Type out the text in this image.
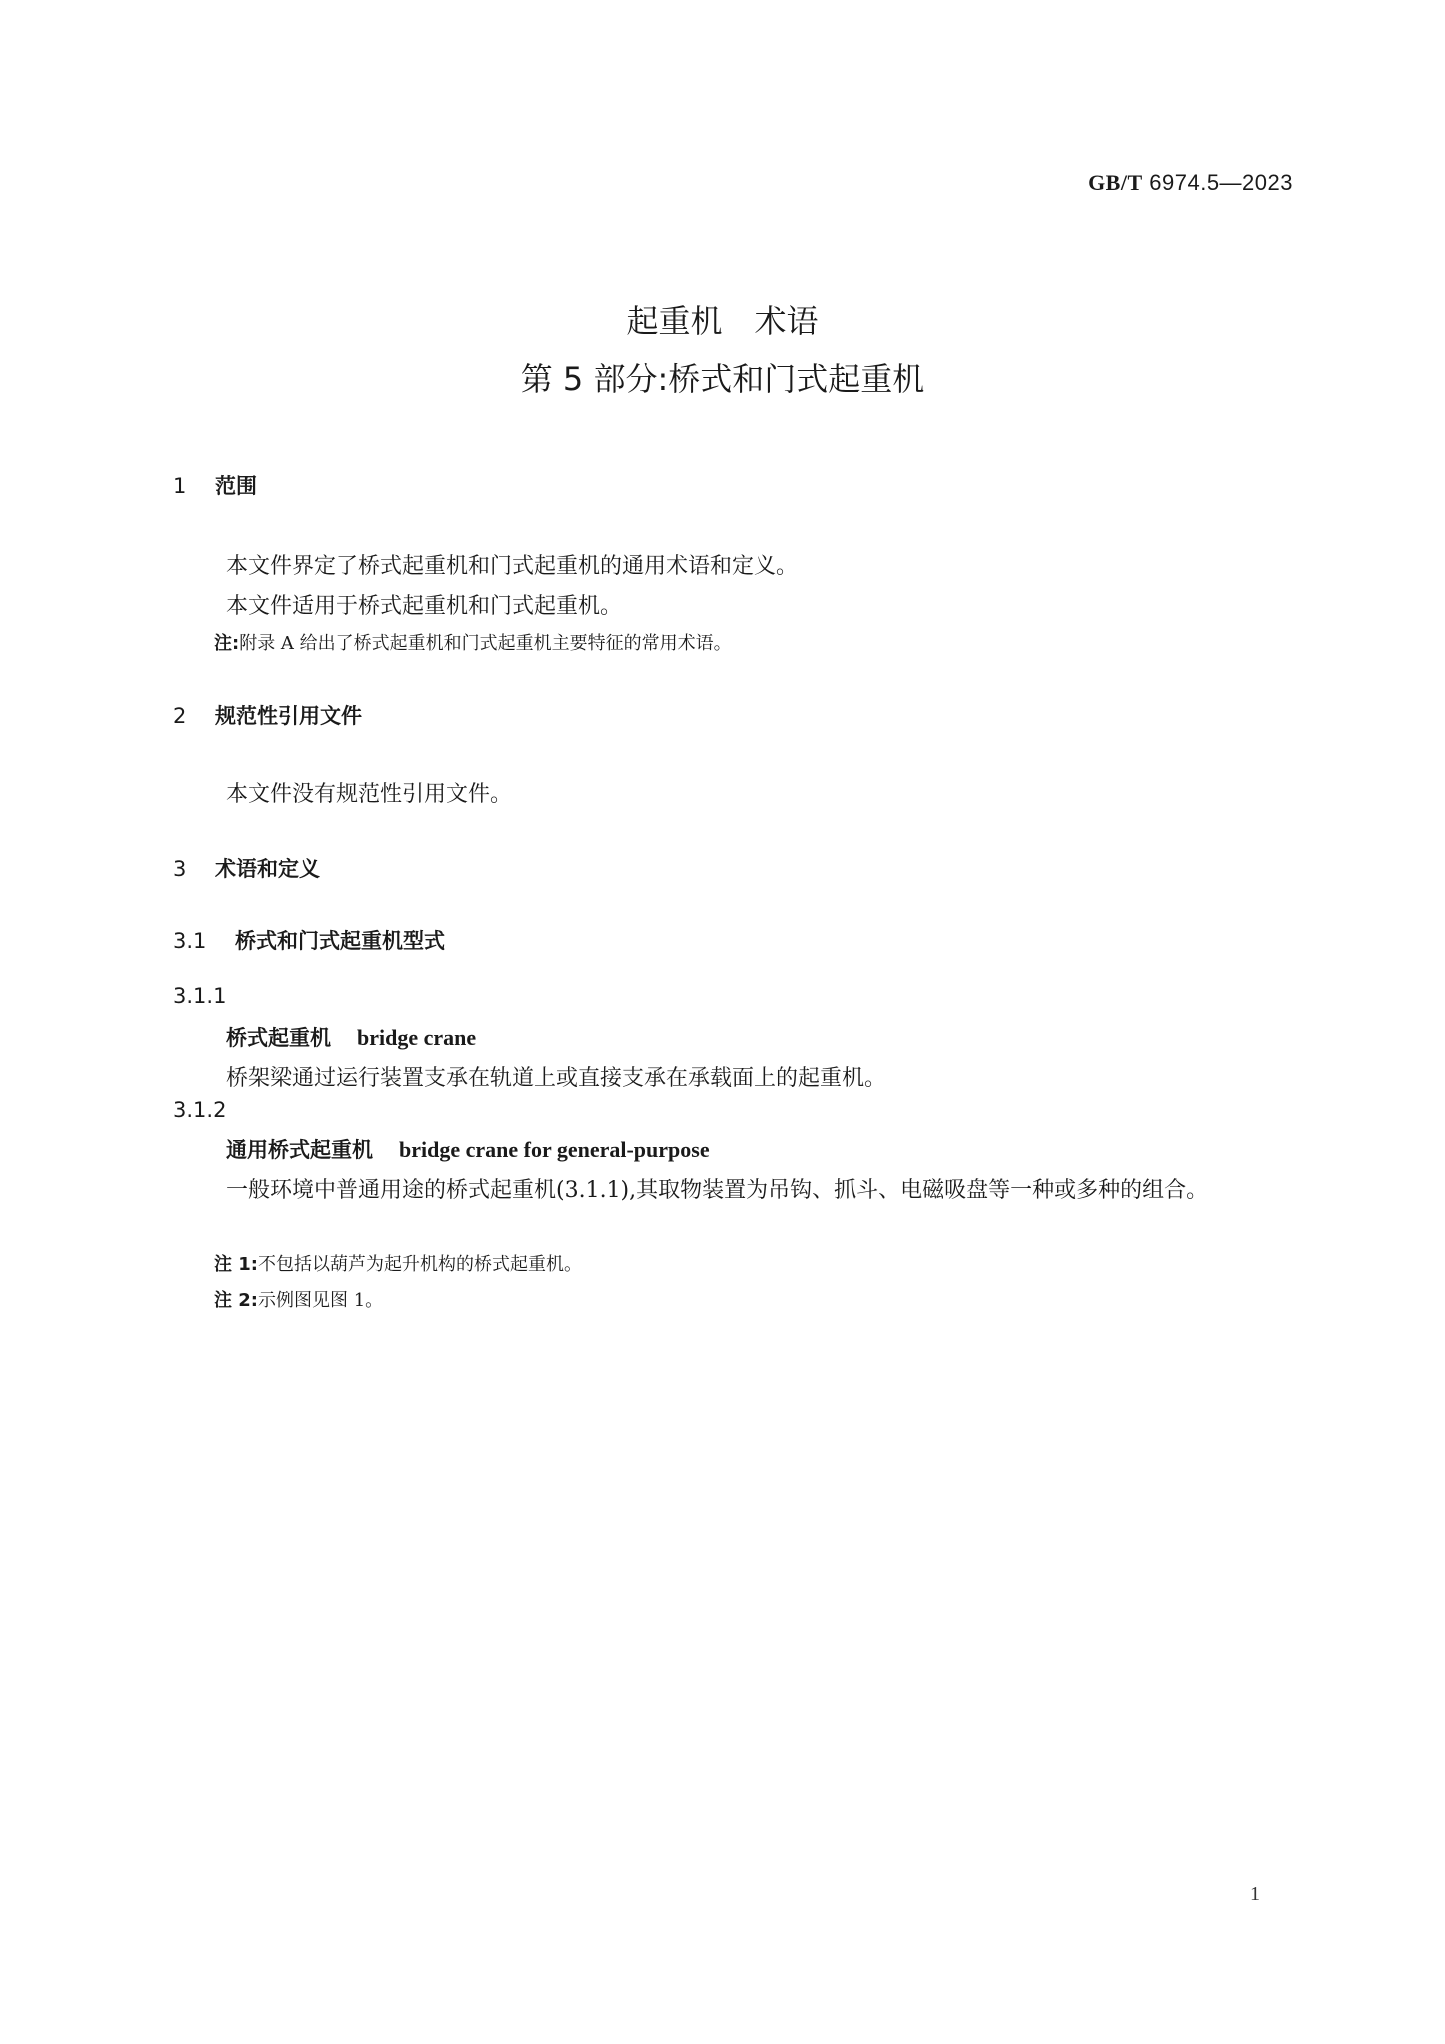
GB/T 6974.5—2023
起重机　术语
第 5 部分:桥式和门式起重机
1 范围
本文件界定了桥式起重机和门式起重机的通用术语和定义。
本文件适用于桥式起重机和门式起重机。
注:附录 A 给出了桥式起重机和门式起重机主要特征的常用术语。
2 规范性引用文件
本文件没有规范性引用文件。
3 术语和定义
3.1 桥式和门式起重机型式
3.1.1
桥式起重机 bridge crane
桥架梁通过运行装置支承在轨道上或直接支承在承载面上的起重机。
3.1.2
通用桥式起重机 bridge crane for general-purpose
一般环境中普通用途的桥式起重机(3.1.1),其取物装置为吊钩、抓斗、电磁吸盘等一种或多种的组合。
注 1:不包括以葫芦为起升机构的桥式起重机。
注 2:示例图见图 1。
1
